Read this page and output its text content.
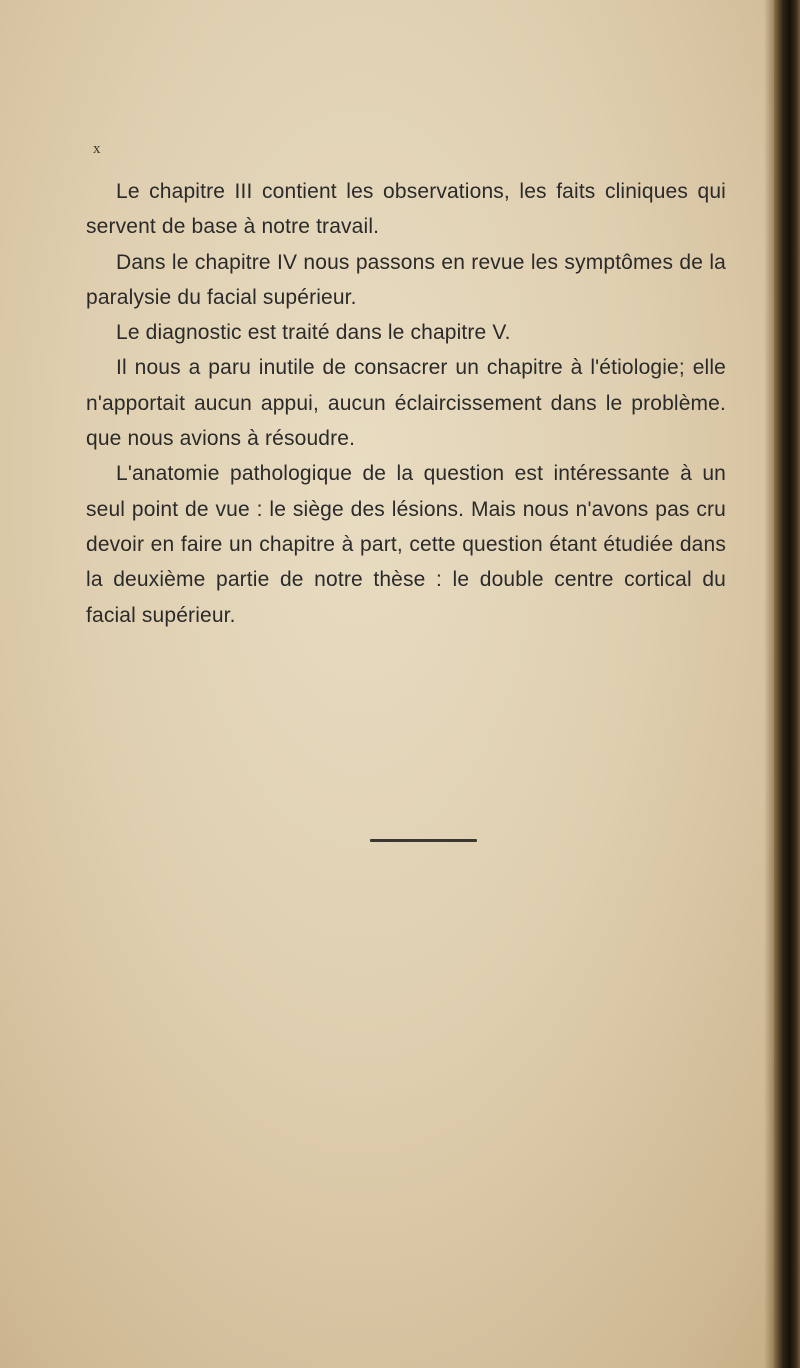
x

Le chapitre III contient les observations, les faits cliniques qui servent de base à notre travail.

Dans le chapitre IV nous passons en revue les symptômes de la paralysie du facial supérieur.

Le diagnostic est traité dans le chapitre V.

Il nous a paru inutile de consacrer un chapitre à l'étiologie; elle n'apportait aucun appui, aucun éclaircissement dans le problème. que nous avions à résoudre.

L'anatomie pathologique de la question est intéressante à un seul point de vue : le siège des lésions. Mais nous n'avons pas cru devoir en faire un chapitre à part, cette question étant étudiée dans la deuxième partie de notre thèse : le double centre cortical du facial supérieur.
